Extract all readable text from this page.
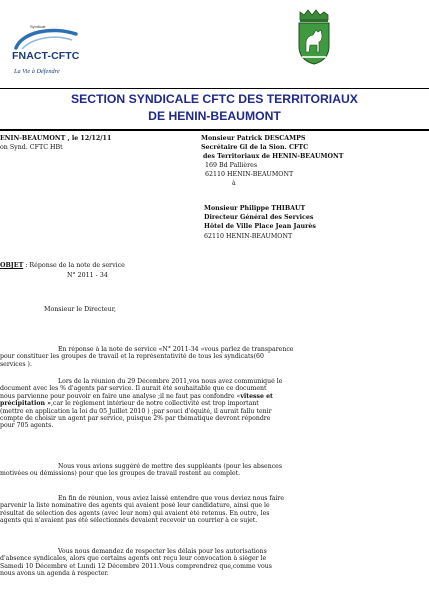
Syndicat
FNACT-CFTC
La Vie à Défendre
SECTION SYNDICALE CFTC DES TERRITORIAUX
DE HENIN-BEAUMONT
ENIN-BEAUMONT , le 12/12/11
on Synd. CFTC HBt
Monsieur Patrick DESCAMPS
Secrétaire Gl de la Sion. CFTC
des Territoriaux de HENIN-BEAUMONT
169 Bd Pallières
62110 HENIN-BEAUMONT
à
Monsieur Philippe THIBAUT
Directeur Général des Services
Hôtel de Ville Place Jean Jaurès
62110 HENIN-BEAUMONT
OBJET : Réponse de la note de service
N° 2011 - 34
Monsieur le Directeur,
En réponse à la note de service «N° 2011-34 »vous parlez de transparence
pour constituer les groupes de travail et la représentativité de tous les syndicats(60
services ).
Lors de la réunion du 29 Décembre 2011,vos nous avez communiqué le
document avec les % d'agents par service. Il aurait été souhaitable que ce document
nous parvienne pour pouvoir en faire une analyse ;il ne faut pas confondre «vitesse et
précipitation »,car le règlement intérieur de notre collectivité est trop important
(mettre en application la loi du 05 Juillet 2010 ) ;par souci d'équité, il aurait fallu tenir
compte de choisir un agent par service, puisque 2% par thématique devront répondre
pour 705 agents.
Nous vous avions suggéré de mettre des suppléants (pour les absences
motivées ou démissions) pour que les groupes de travail restent au complet.
En fin de réunion, vous aviez laissé entendre que vous deviez nous faire
parvenir la liste nominative des agents qui avaient posé leur candidature, ainsi que le
résultat de sélection des agents (avec leur nom) qui avaient été retenus. En outre, les
agents qui n'avaient pas été sélectionnés devaient recevoir un courrier à ce sujet.
Vous nous demandez de respecter les délais pour les autorisations
d'absence syndicales, alors que certains agents ont reçu leur convocation à siéger le
Samedi 10 Décembre et Lundi 12 Décembre 2011.Vous comprendrez que,comme vous
nous avons un agenda à respecter.
